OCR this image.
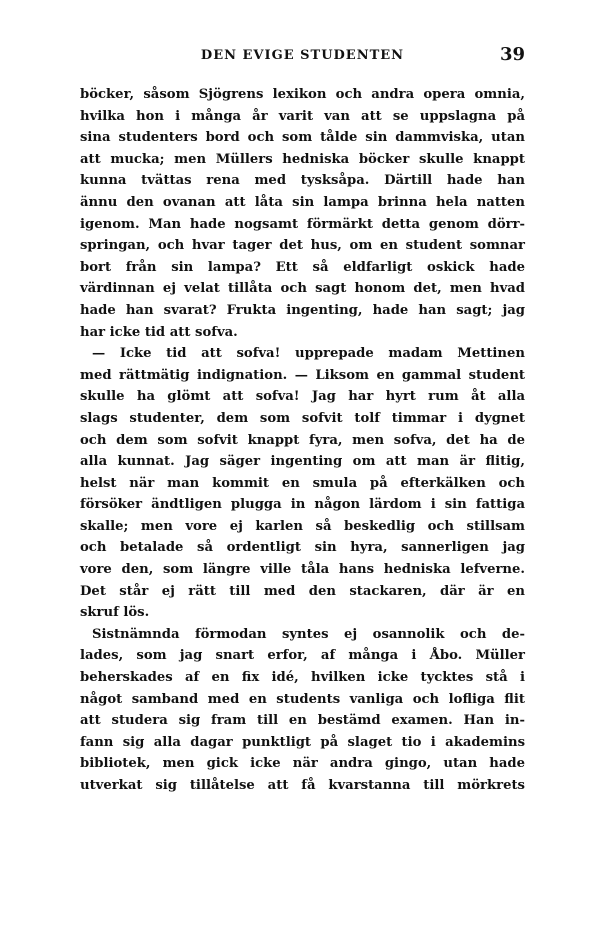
DEN EVIGE STUDENTEN	39
böcker, såsom Sjögrens lexikon och andra opera omnia,
hvilka hon i många år varit van att se uppslagna på
sina studenters bord och som tålde sin dammviska, utan
att mucka; men Müllers hedniska böcker skulle knappt
kunna tvättas rena med tysksåpa. Därtill hade han
ännu den ovanan att låta sin lampa brinna hela natten
igenom. Man hade nogsamt förmärkt detta genom dörr-
springan, och hvar tager det hus, om en student somnar
bort från sin lampa? Ett så eldfarligt oskick hade
värdinnan ej velat tillåta och sagt honom det, men hvad
hade han svarat? Frukta ingenting, hade han sagt; jag
har icke tid att sofva.
— Icke tid att sofva! upprepade madam Mettinen
med rättmätig indignation. — Liksom en gammal student
skulle ha glömt att sofva! Jag har hyrt rum åt alla
slags studenter, dem som sofvit tolf timmar i dygnet
och dem som sofvit knappt fyra, men sofva, det ha de
alla kunnat. Jag säger ingenting om att man är flitig,
helst när man kommit en smula på efterkälken och
försöker ändtligen plugga in någon lärdom i sin fattiga
skalle; men vore ej karlen så beskedlig och stillsam
och betalade så ordentligt sin hyra, sannerligen jag
vore den, som längre ville tåla hans hedniska lefverne.
Det står ej rätt till med den stackaren, där är en
skruf lös.
Sistnämnda förmodan syntes ej osannolik och de-
lades, som jag snart erfor, af många i Åbo. Müller
beherskades af en fix idé, hvilken icke tycktes stå i
något samband med en students vanliga och lofliga flit
att studera sig fram till en bestämd examen. Han in-
fann sig alla dagar punktligt på slaget tio i akademins
bibliotek, men gick icke när andra gingo, utan hade
utverkat sig tillåtelse att få kvarstanna till mörkrets
